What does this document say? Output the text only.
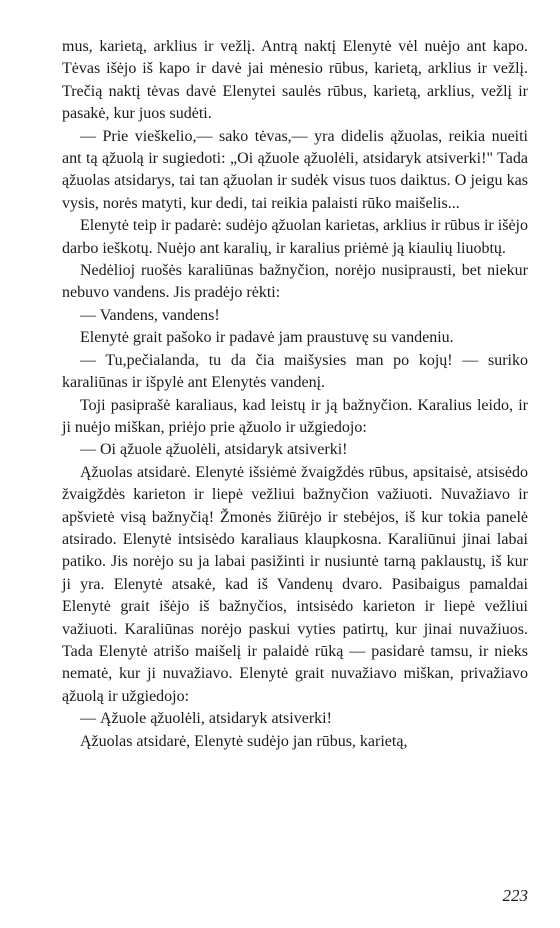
mus, karietą, arklius ir vežlį. Antrą naktį Elenytė vėl nuėjo ant kapo. Tėvas išėjo iš kapo ir davė jai mėnesio rūbus, karietą, arklius ir vežlį. Trečią naktį tėvas davė Elenytei saulės rūbus, karietą, arklius, vežlį ir pasakė, kur juos sudėti.

— Prie vieškelio,— sako tėvas,— yra didelis ąžuolas, reikia nueiti ant tą ąžuolą ir sugiedoti: „Oi ąžuole ąžuolėli, atsidaryk atsiverki!" Tada ąžuolas atsidarys, tai tan ąžuolan ir sudėk visus tuos daiktus. O jeigu kas vysis, norės matyti, kur dedi, tai reikia palaisti rūko maišelis...

Elenytė teip ir padarė: sudėjo ąžuolan karietas, arklius ir rūbus ir išėjo darbo ieškotų. Nuėjo ant karalių, ir karalius priėmė ją kiaulių liuobtų.

Nedėlioj ruošės karaliūnas bažnyčion, norėjo nusiprausti, bet niekur nebuvo vandens. Jis pradėjo rėkti:

— Vandens, vandens!

Elenytė grait pašoko ir padavė jam praustuvę su vandeniu.

— Tu,pečialanda, tu da čia maišysies man po kojų! — suriko karaliūnas ir išpylė ant Elenytės vandenį.

Toji pasiprašė karaliaus, kad leistų ir ją bažnyčion. Karalius leido, ir ji nuėjo miškan, priėjo prie ąžuolo ir užgiedojo:

— Oi ąžuole ąžuolėli, atsidaryk atsiverki!

Ąžuolas atsidarė. Elenytė išsiėmė žvaigždės rūbus, apsitaisė, atsisėdo žvaigždės karieton ir liepė vežliui bažnyčion važiuoti. Nuvažiavo ir apšvietė visą bažnyčią! Žmonės žiūrėjo ir stebėjos, iš kur tokia panelė atsirado. Elenytė intsisėdo karaliaus klaupkosna. Karaliūnui jinai labai patiko. Jis norėjo su ja labai pasižinti ir nusiuntė tarną paklaustų, iš kur ji yra. Elenytė atsakė, kad iš Vandenų dvaro. Pasibaigus pamaldai Elenytė grait išėjo iš bažnyčios, intsisėdo karieton ir liepė vežliui važiuoti. Karaliūnas norėjo paskui vyties patirtų, kur jinai nuvažiuos. Tada Elenytė atrišo maišelį ir palaidė rūką — pasidarė tamsu, ir nieks nematė, kur ji nuvažiavo. Elenytė grait nuvažiavo miškan, privažiavo ąžuolą ir užgiedojo:

— Ąžuole ąžuolėli, atsidaryk atsiverki!

Ąžuolas atsidarė, Elenytė sudėjo jan rūbus, karietą,

223
